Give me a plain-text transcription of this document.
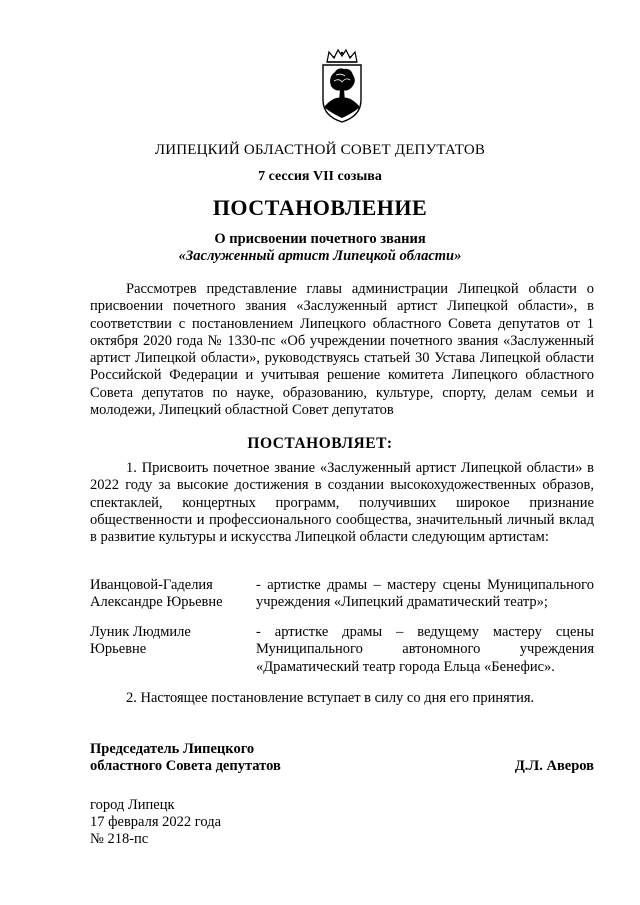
ЛИПЕЦКИЙ ОБЛАСТНОЙ СОВЕТ ДЕПУТАТОВ
7 сессия VII созыва
ПОСТАНОВЛЕНИЕ
О присвоении почетного звания
«Заслуженный артист Липецкой области»
Рассмотрев представление главы администрации Липецкой области о присвоении почетного звания «Заслуженный артист Липецкой области», в соответствии с постановлением Липецкого областного Совета депутатов от 1 октября 2020 года № 1330-пс «Об учреждении почетного звания «Заслуженный артист Липецкой области», руководствуясь статьей 30 Устава Липецкой области Российской Федерации и учитывая решение комитета Липецкого областного Совета депутатов по науке, образованию, культуре, спорту, делам семьи и молодежи, Липецкий областной Совет депутатов
ПОСТАНОВЛЯЕТ:
1. Присвоить почетное звание «Заслуженный артист Липецкой области» в 2022 году за высокие достижения в создании высокохудожественных образов, спектаклей, концертных программ, получивших широкое признание общественности и профессионального сообщества, значительный личный вклад в развитие культуры и искусства Липецкой области следующим артистам:
Иванцовой-Гаделия
Александре Юрьевне
- артистке драмы – мастеру сцены Муниципального учреждения «Липецкий драматический театр»;
Луник Людмиле
Юрьевне
- артистке драмы – ведущему мастеру сцены Муниципального автономного учреждения «Драматический театр города Ельца «Бенефис».
2. Настоящее постановление вступает в силу со дня его принятия.
Председатель Липецкого
областного Совета депутатов	Д.Л. Аверов
город Липецк
17 февраля 2022 года
№ 218-пс
